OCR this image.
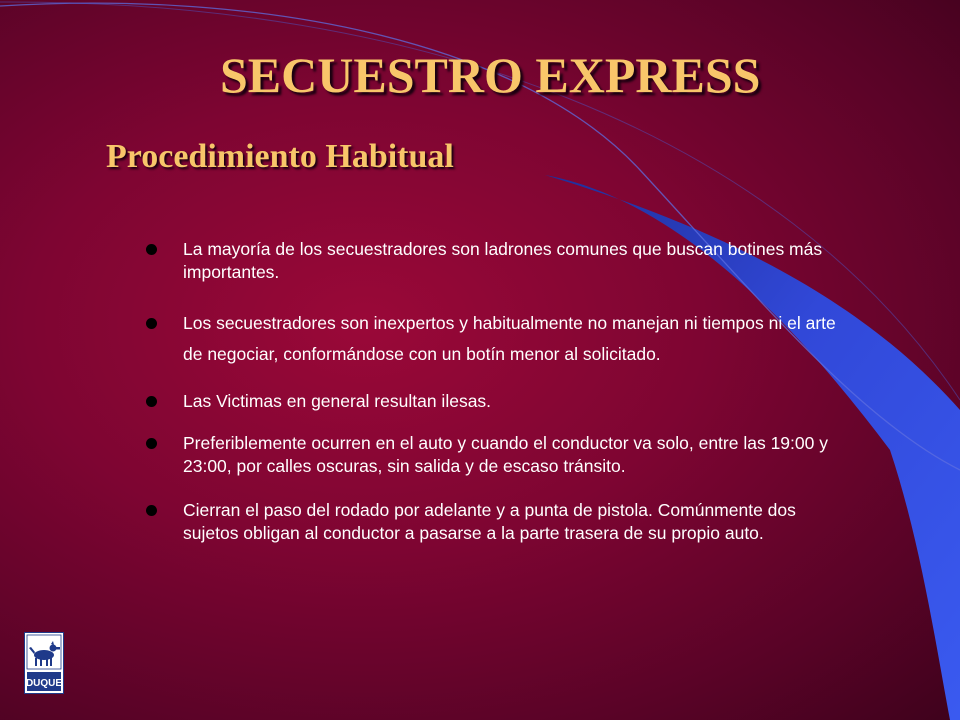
SECUESTRO EXPRESS
Procedimiento Habitual
La mayoría de los secuestradores son ladrones comunes que buscan botines más importantes.
Los secuestradores son inexpertos y habitualmente no manejan ni tiempos ni el arte de negociar, conformándose con un botín menor al solicitado.
Las Victimas en general resultan ilesas.
Preferiblemente ocurren en el auto y cuando el conductor va solo, entre las 19:00 y 23:00, por calles oscuras, sin salida y de escaso tránsito.
Cierran el paso del rodado por adelante y a punta de pistola. Comúnmente dos sujetos obligan al conductor a pasarse a la parte trasera de su propio auto.
DUQUE
